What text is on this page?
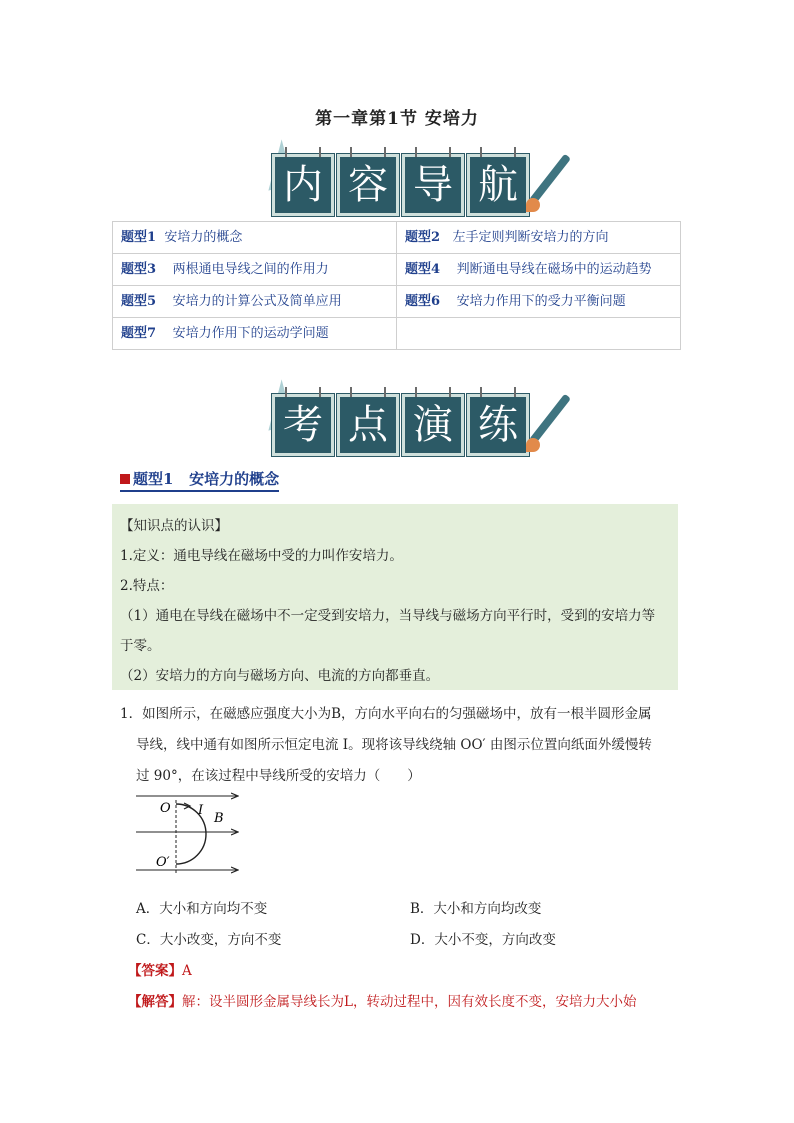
第一章第1节 安培力
内 容 导 航
题型1 安培力的概念	题型2 左手定则判断安培力的方向
题型3 两根通电导线之间的作用力	题型4 判断通电导线在磁场中的运动趋势
题型5 安培力的计算公式及简单应用	题型6 安培力作用下的受力平衡问题
题型7 安培力作用下的运动学问题	
考 点 演 练
题型1 安培力的概念

【知识点的认识】

1.定义：通电导线在磁场中受的力叫作安培力。

2.特点：

（1）通电在导线在磁场中不一定受到安培力，当导线与磁场方向平行时，受到的安培力等

于零。

（2）安培力的方向与磁场方向、电流的方向都垂直。

1．如图所示，在磁感应强度大小为B，方向水平向右的匀强磁场中，放有一根半圆形金属
导线，线中通有如图所示恒定电流 I。现将该导线绕轴 OO′ 由图示位置向纸面外缓慢转
过 90°，在该过程中导线所受的安培力（　　）
O I
B
O′
A．大小和方向均不变	B．大小和方向均改变
C．大小改变，方向不变	D．大小不变，方向改变
【答案】A
【解答】解：设半圆形金属导线长为L，转动过程中，因有效长度不变，安培力大小始
